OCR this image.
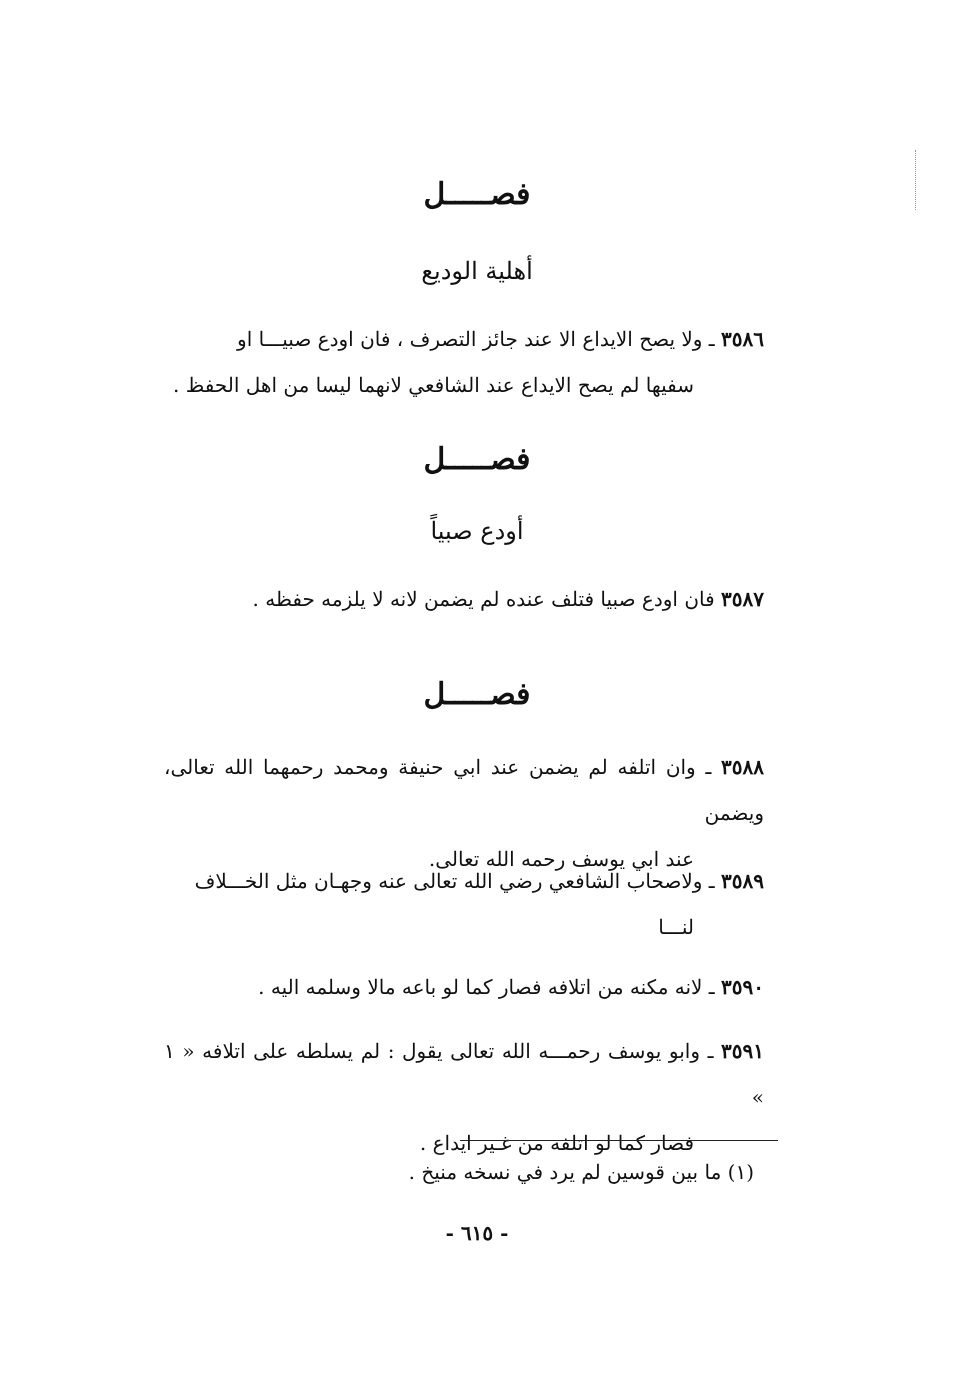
فصـــــل
أهلية الوديع
٣٥٨٦ ـ ولا يصح الايداع الا عند جائز التصرف ، فان اودع صبيـــا او
سفيها لم يصح الايداع عند الشافعي لانهما ليسا من اهل الحفظ .
فصـــــل
أودع صبياً
٣٥٨٧ فان اودع صبيا فتلف عنده لم يضمن لانه لا يلزمه حفظه .
فصـــــل
٣٥٨٨ ـ وان اتلفه لم يضمن عند ابي حنيفة ومحمد رحمهما الله تعالى، ويضمن
عند ابي يوسف رحمه الله تعالى.
٣٥٨٩ ـ ولاصحاب الشافعي رضي الله تعالى عنه وجهـان مثل الخـــلاف
لنـــا
٣٥٩٠ ـ لانه مكنه من اتلافه فصار كما لو باعه مالا وسلمه اليه .
٣٥٩١ ـ وابو يوسف رحمـــه الله تعالى يقول : لم يسلطه على اتلافه « ١ »
فصار كما لو اتلفه من غـير ايداع .
(١) ما بين قوسين لم يرد في نسخه منيخ .
- ٦١٥ -
